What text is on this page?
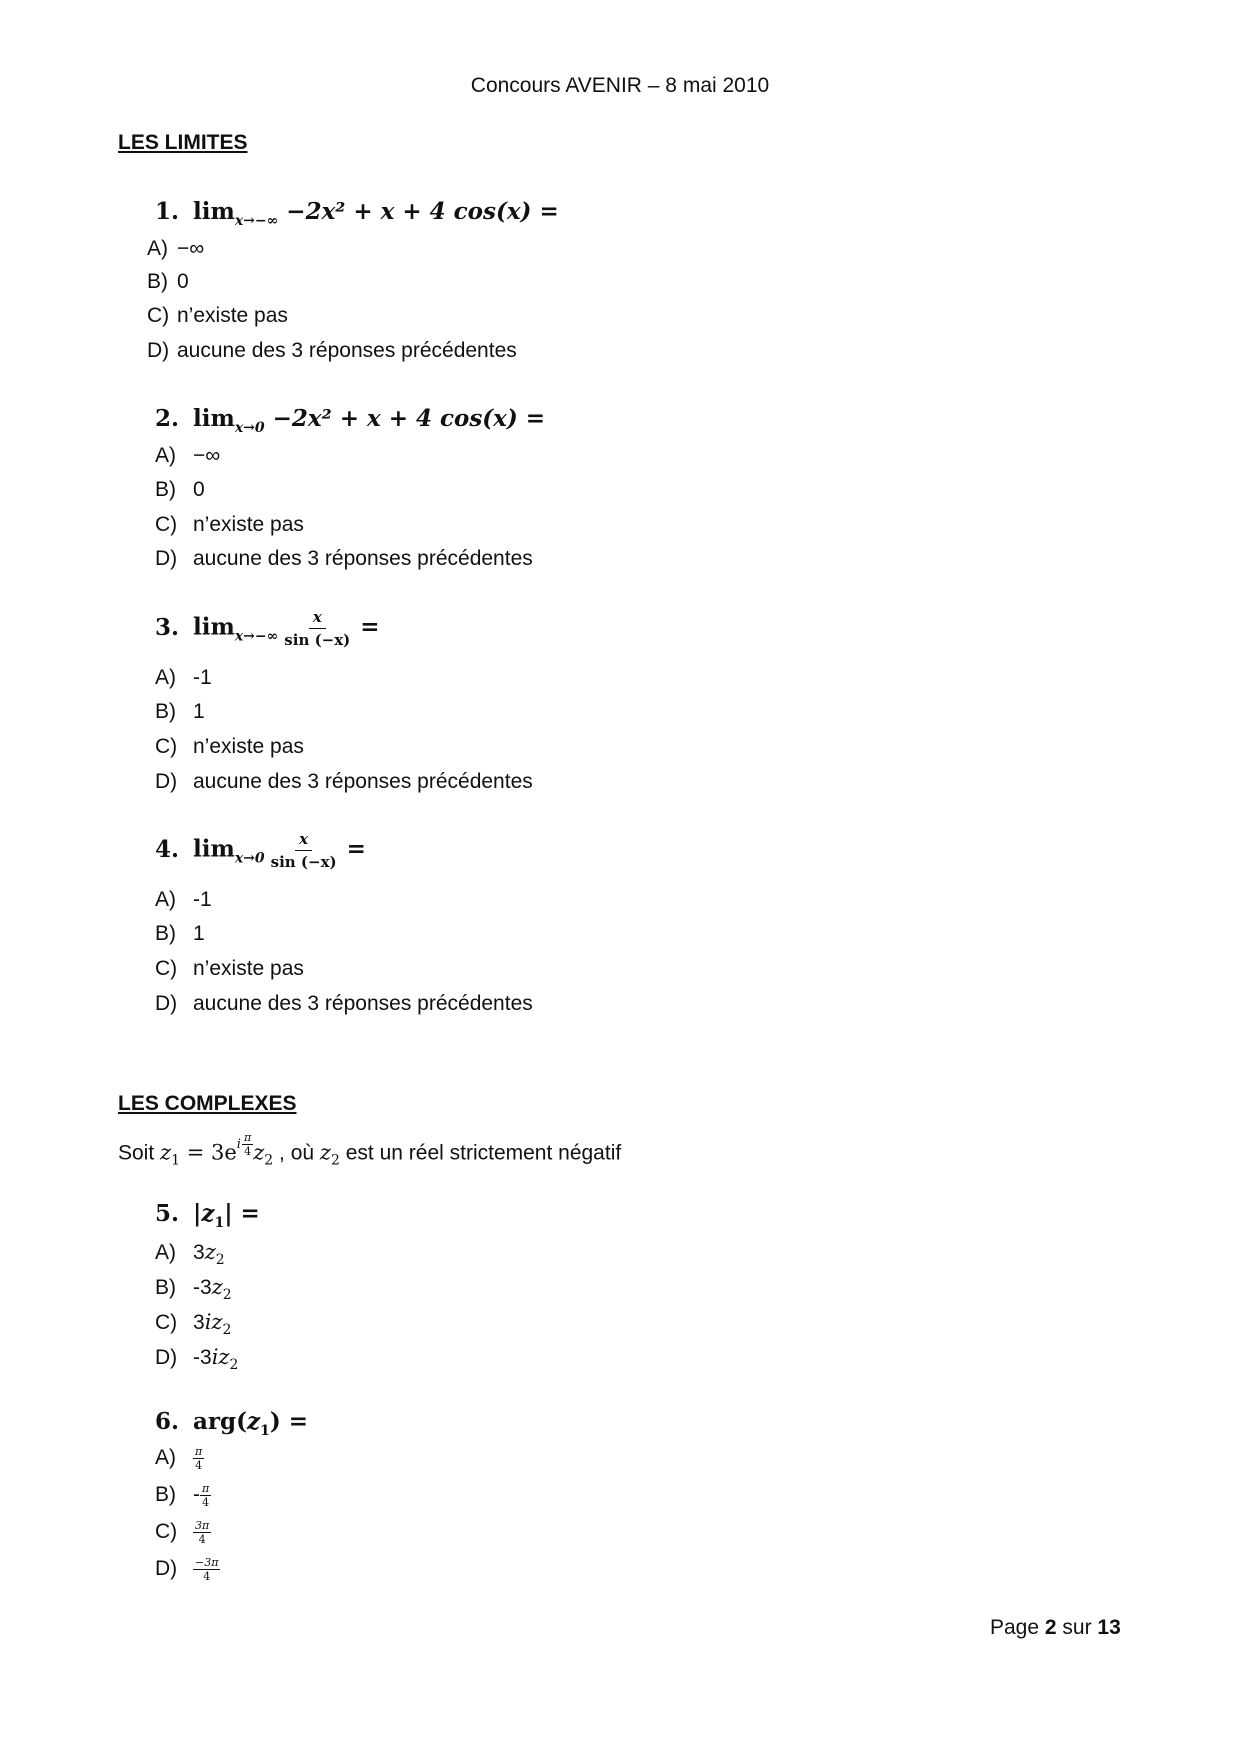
Concours AVENIR – 8 mai 2010
LES LIMITES
1. $\lim_{x\to-\infty} -2x^2 + x + 4$ cos(x) =
A) −∞
B) 0
C) n’existe pas
D) aucune des 3 réponses précédentes
2. $\lim_{x\to 0} -2x^2 + x + 4$ cos(x) =
A) −∞
B) 0
C) n’existe pas
D) aucune des 3 réponses précédentes
3. $\lim_{x\to-\infty} \frac{x}{\sin (-x)}$ =
A) -1
B) 1
C) n’existe pas
D) aucune des 3 réponses précédentes
4. $\lim_{x\to 0} \frac{x}{\sin (-x)}$ =
A) -1
B) 1
C) n’existe pas
D) aucune des 3 réponses précédentes
LES COMPLEXES
Soit $z_1 = 3e$ i $\frac{\pi}{4} z_2$ , où $z_2$ est un réel strictement négatif
5. $|z_1|$ =
A) $3z_2$
B) $-3z_2$
C) $3iz_2$
D) $-3iz_2$
6. $arg(z_1)$ =
$A) \frac{\pi}{4}$
$B) - \frac{\pi}{4}$
$C) \frac{3\pi}{4}$
$D) \frac{-3\pi}{4}$
Page 2 sur 13
